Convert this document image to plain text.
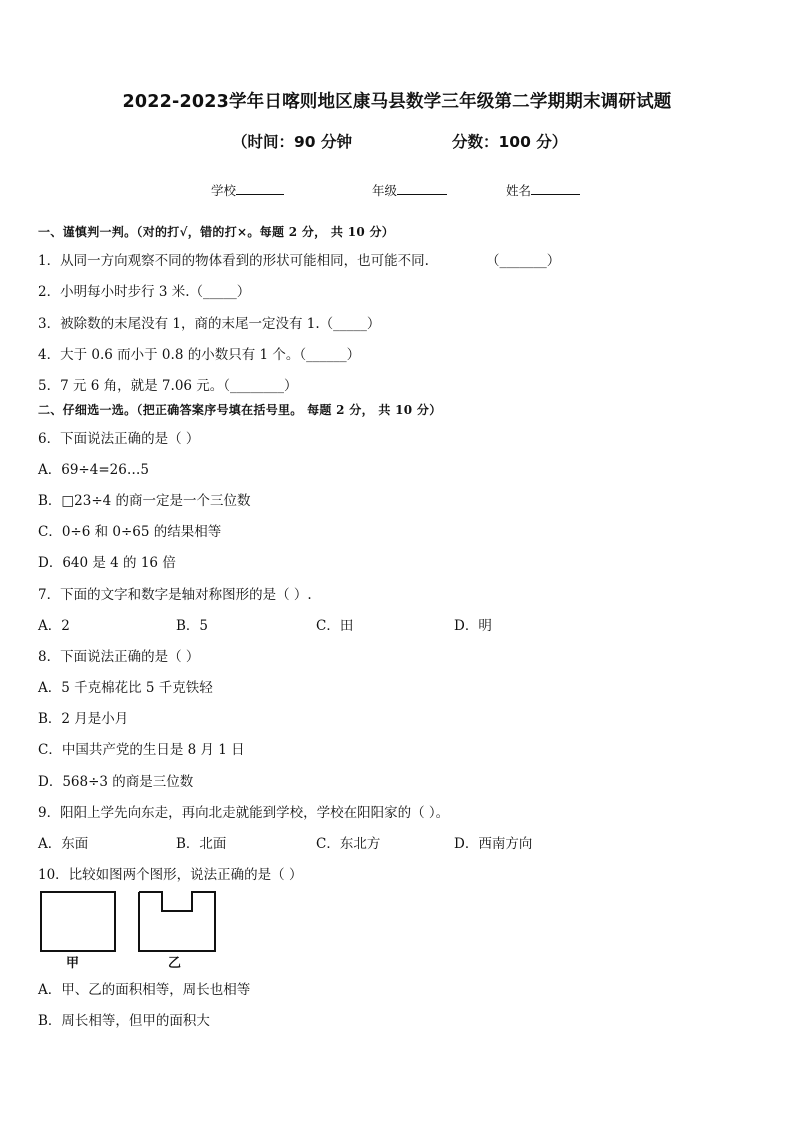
2022-2023学年日喀则地区康马县数学三年级第二学期期末调研试题
（时间：90 分钟	分数：100 分）
学校	年级	姓名
一、谨慎判一判。（对的打√，错的打×。每题 2 分， 共 10 分）
1．从同一方向观察不同的物体看到的形状可能相同，也可能不同.	（_______）
2．小明每小时步行 3 米.（_____）
3．被除数的末尾没有 1，商的末尾一定没有 1.（_____）
4．大于 0.6 而小于 0.8 的小数只有 1 个。（______）
5．7 元 6 角，就是 7.06 元。（________）
二、仔细选一选。（把正确答案序号填在括号里。 每题 2 分， 共 10 分）
6．下面说法正确的是（ ）
A．69÷4=26…5
B．□23÷4 的商一定是一个三位数
C．0÷6 和 0÷65 的结果相等
D．640 是 4 的 16 倍
7．下面的文字和数字是轴对称图形的是（ ）.
A．2	B．5	C．田	D．明
8．下面说法正确的是（ ）
A．5 千克棉花比 5 千克铁轻
B．2 月是小月
C．中国共产党的生日是 8 月 1 日
D．568÷3 的商是三位数
9．阳阳上学先向东走，再向北走就能到学校，学校在阳阳家的（ ）。
A．东面	B．北面	C．东北方	D．西南方向
10．比较如图两个图形，说法正确的是（ ）
甲	乙
A．甲、乙的面积相等，周长也相等
B．周长相等，但甲的面积大
